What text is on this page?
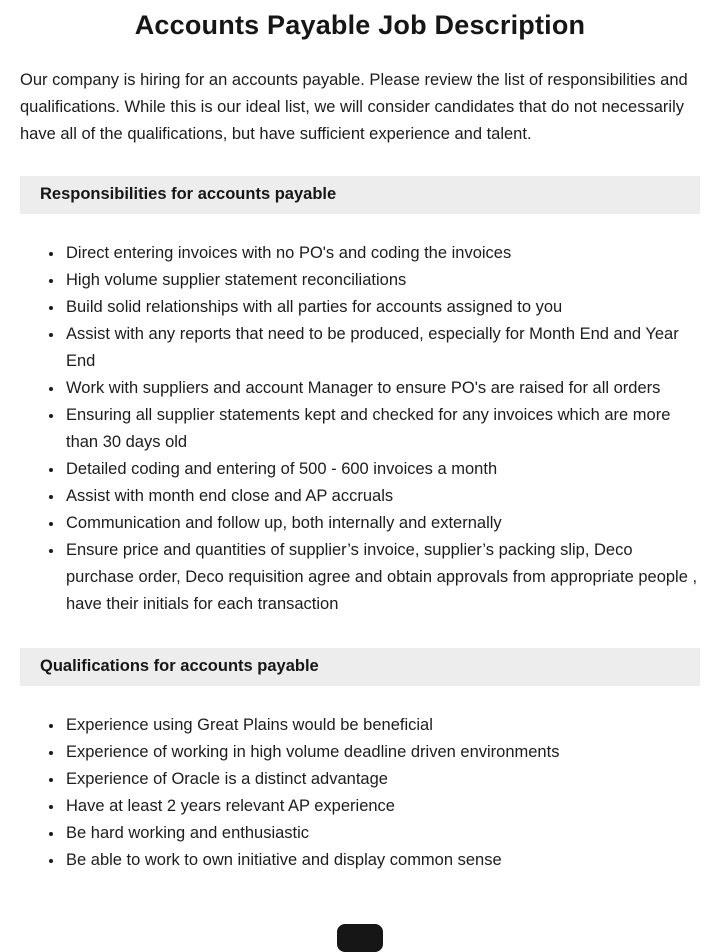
Accounts Payable Job Description

Our company is hiring for an accounts payable. Please review the list of responsibilities and qualifications. While this is our ideal list, we will consider candidates that do not necessarily have all of the qualifications, but have sufficient experience and talent.

Responsibilities for accounts payable
• Direct entering invoices with no PO's and coding the invoices
• High volume supplier statement reconciliations
• Build solid relationships with all parties for accounts assigned to you
• Assist with any reports that need to be produced, especially for Month End and Year End
• Work with suppliers and account Manager to ensure PO's are raised for all orders
• Ensuring all supplier statements kept and checked for any invoices which are more than 30 days old
• Detailed coding and entering of 500 - 600 invoices a month
• Assist with month end close and AP accruals
• Communication and follow up, both internally and externally
• Ensure price and quantities of supplier’s invoice, supplier’s packing slip, Deco purchase order, Deco requisition agree and obtain approvals from appropriate people , have their initials for each transaction
Qualifications for accounts payable
• Experience using Great Plains would be beneficial
• Experience of working in high volume deadline driven environments
• Experience of Oracle is a distinct advantage
• Have at least 2 years relevant AP experience
• Be hard working and enthusiastic
• Be able to work to own initiative and display common sense
